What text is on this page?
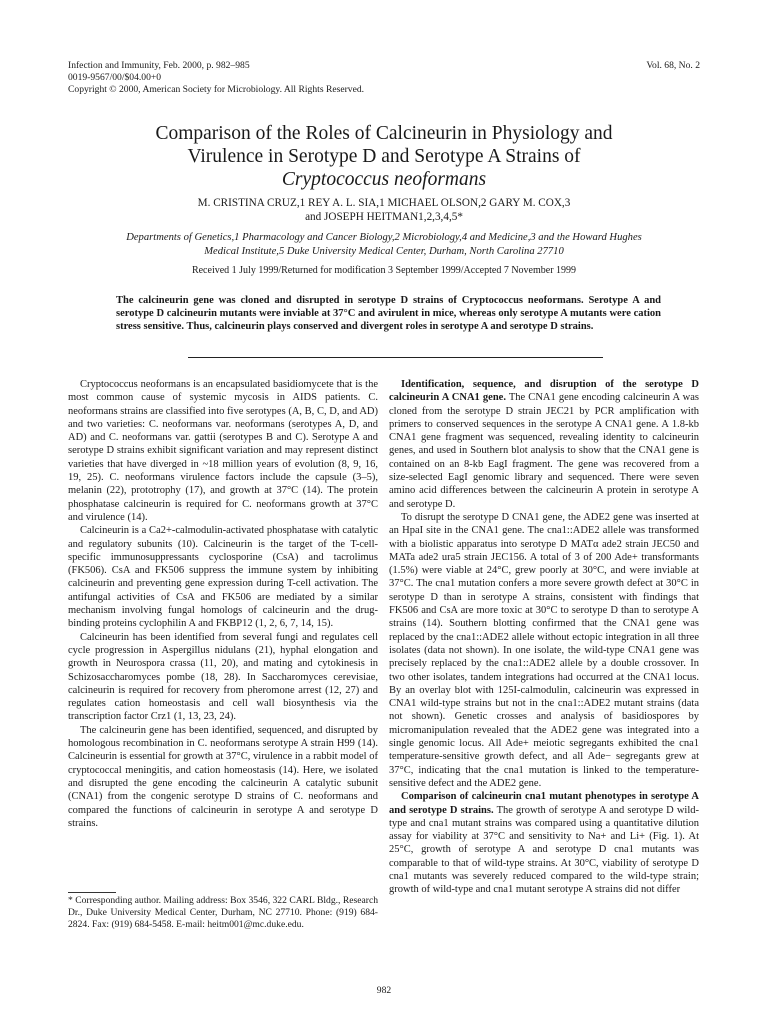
Infection and Immunity, Feb. 2000, p. 982–985
0019-9567/00/$04.00+0
Copyright © 2000, American Society for Microbiology. All Rights Reserved.
Vol. 68, No. 2
Comparison of the Roles of Calcineurin in Physiology and
Virulence in Serotype D and Serotype A Strains of
Cryptococcus neoformans
M. CRISTINA CRUZ,1 REY A. L. SIA,1 MICHAEL OLSON,2 GARY M. COX,3
and JOSEPH HEITMAN1,2,3,4,5*
Departments of Genetics,1 Pharmacology and Cancer Biology,2 Microbiology,4 and Medicine,3 and the Howard Hughes
Medical Institute,5 Duke University Medical Center, Durham, North Carolina 27710
Received 1 July 1999/Returned for modification 3 September 1999/Accepted 7 November 1999
The calcineurin gene was cloned and disrupted in serotype D strains of Cryptococcus neoformans. Serotype A and serotype D calcineurin mutants were inviable at 37°C and avirulent in mice, whereas only serotype A mutants were cation stress sensitive. Thus, calcineurin plays conserved and divergent roles in serotype A and serotype D strains.

Cryptococcus neoformans is an encapsulated basidiomycete that is the most common cause of systemic mycosis in AIDS patients. C. neoformans strains are classified into five serotypes (A, B, C, D, and AD) and two varieties: C. neoformans var. neoformans (serotypes A, D, and AD) and C. neoformans var. gattii (serotypes B and C). Serotype A and serotype D strains exhibit significant variation and may represent distinct varieties that have diverged in ~18 million years of evolution (8, 9, 16, 19, 25). C. neoformans virulence factors include the capsule (3–5), melanin (22), prototrophy (17), and growth at 37°C (14). The protein phosphatase calcineurin is required for C. neoformans growth at 37°C and virulence (14).

Calcineurin is a Ca2+-calmodulin-activated phosphatase with catalytic and regulatory subunits (10). Calcineurin is the target of the T-cell-specific immunosuppressants cyclosporine (CsA) and tacrolimus (FK506). CsA and FK506 suppress the immune system by inhibiting calcineurin and preventing gene expression during T-cell activation. The antifungal activities of CsA and FK506 are mediated by a similar mechanism involving fungal homologs of calcineurin and the drug-binding proteins cyclophilin A and FKBP12 (1, 2, 6, 7, 14, 15).

Calcineurin has been identified from several fungi and regulates cell cycle progression in Aspergillus nidulans (21), hyphal elongation and growth in Neurospora crassa (11, 20), and mating and cytokinesis in Schizosaccharomyces pombe (18, 28). In Saccharomyces cerevisiae, calcineurin is required for recovery from pheromone arrest (12, 27) and regulates cation homeostasis and cell wall biosynthesis via the transcription factor Crz1 (1, 13, 23, 24).

The calcineurin gene has been identified, sequenced, and disrupted by homologous recombination in C. neoformans serotype A strain H99 (14). Calcineurin is essential for growth at 37°C, virulence in a rabbit model of cryptococcal meningitis, and cation homeostasis (14). Here, we isolated and disrupted the gene encoding the calcineurin A catalytic subunit (CNA1) from the congenic serotype D strains of C. neoformans and compared the functions of calcineurin in serotype A and serotype D strains.

* Corresponding author. Mailing address: Box 3546, 322 CARL Bldg., Research Dr., Duke University Medical Center, Durham, NC 27710. Phone: (919) 684-2824. Fax: (919) 684-5458. E-mail: heitm001@mc.duke.edu.

Identification, sequence, and disruption of the serotype D calcineurin A CNA1 gene. The CNA1 gene encoding calcineurin A was cloned from the serotype D strain JEC21 by PCR amplification with primers to conserved sequences in the serotype A CNA1 gene. A 1.8-kb CNA1 gene fragment was sequenced, revealing identity to calcineurin genes, and used in Southern blot analysis to show that the CNA1 gene is contained on an 8-kb EagI fragment. The gene was recovered from a size-selected EagI genomic library and sequenced. There were seven amino acid differences between the calcineurin A protein in serotype A and serotype D.

To disrupt the serotype D CNA1 gene, the ADE2 gene was inserted at an HpaI site in the CNA1 gene. The cna1::ADE2 allele was transformed with a biolistic apparatus into serotype D MATα ade2 strain JEC50 and MATa ade2 ura5 strain JEC156. A total of 3 of 200 Ade+ transformants (1.5%) were viable at 24°C, grew poorly at 30°C, and were inviable at 37°C. The cna1 mutation confers a more severe growth defect at 30°C in serotype D than in serotype A strains, consistent with findings that FK506 and CsA are more toxic at 30°C to serotype D than to serotype A strains (14). Southern blotting confirmed that the CNA1 gene was replaced by the cna1::ADE2 allele without ectopic integration in all three isolates (data not shown). In one isolate, the wild-type CNA1 gene was precisely replaced by the cna1::ADE2 allele by a double crossover. In two other isolates, tandem integrations had occurred at the CNA1 locus. By an overlay blot with 125I-calmodulin, calcineurin was expressed in CNA1 wild-type strains but not in the cna1::ADE2 mutant strains (data not shown). Genetic crosses and analysis of basidiospores by micromanipulation revealed that the ADE2 gene was integrated into a single genomic locus. All Ade+ meiotic segregants exhibited the cna1 temperature-sensitive growth defect, and all Ade− segregants grew at 37°C, indicating that the cna1 mutation is linked to the temperature-sensitive defect and the ADE2 gene.

Comparison of calcineurin cna1 mutant phenotypes in serotype A and serotype D strains. The growth of serotype A and serotype D wild-type and cna1 mutant strains was compared using a quantitative dilution assay for viability at 37°C and sensitivity to Na+ and Li+ (Fig. 1). At 25°C, growth of serotype A and serotype D cna1 mutants was comparable to that of wild-type strains. At 30°C, viability of serotype D cna1 mutants was severely reduced compared to the wild-type strain; growth of wild-type and cna1 mutant serotype A strains did not differ

982
